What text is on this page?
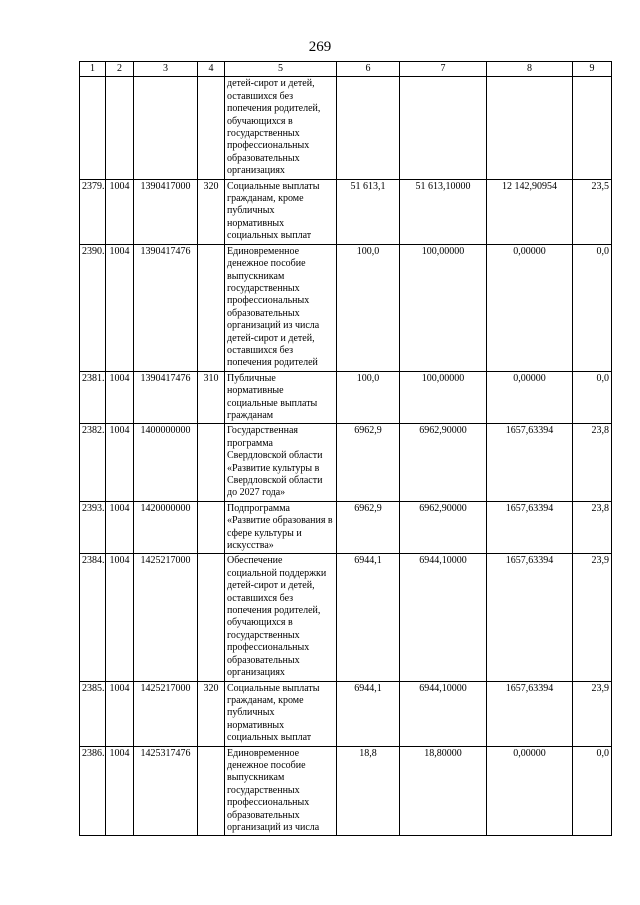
269
1	2	3	4	5	6	7	8	9
				детей-сирот и детей, оставшихся без попечения родителей, обучающихся в государственных профессиональных образовательных организациях				
2379.	1004	1390417000	320	Социальные выплаты гражданам, кроме публичных нормативных социальных выплат	51 613,1	51 613,10000	12 142,90954	23,5
2390.	1004	1390417476		Единовременное денежное пособие выпускникам государственных профессиональных образовательных организаций из числа детей-сирот и детей, оставшихся без попечения родителей	100,0	100,00000	0,00000	0,0
2381.	1004	1390417476	310	Публичные нормативные социальные выплаты гражданам	100,0	100,00000	0,00000	0,0
2382.	1004	1400000000		Государственная программа Свердловской области «Развитие культуры в Свердловской области до 2027 года»	6962,9	6962,90000	1657,63394	23,8
2393.	1004	1420000000		Подпрограмма «Развитие образования в сфере культуры и искусства»	6962,9	6962,90000	1657,63394	23,8
2384.	1004	1425217000		Обеспечение социальной поддержки детей-сирот и детей, оставшихся без попечения родителей, обучающихся в государственных профессиональных образовательных организациях	6944,1	6944,10000	1657,63394	23,9
2385.	1004	1425217000	320	Социальные выплаты гражданам, кроме публичных нормативных социальных выплат	6944,1	6944,10000	1657,63394	23,9
2386.	1004	1425317476		Единовременное денежное пособие выпускникам государственных профессиональных образовательных организаций из числа	18,8	18,80000	0,00000	0,0
